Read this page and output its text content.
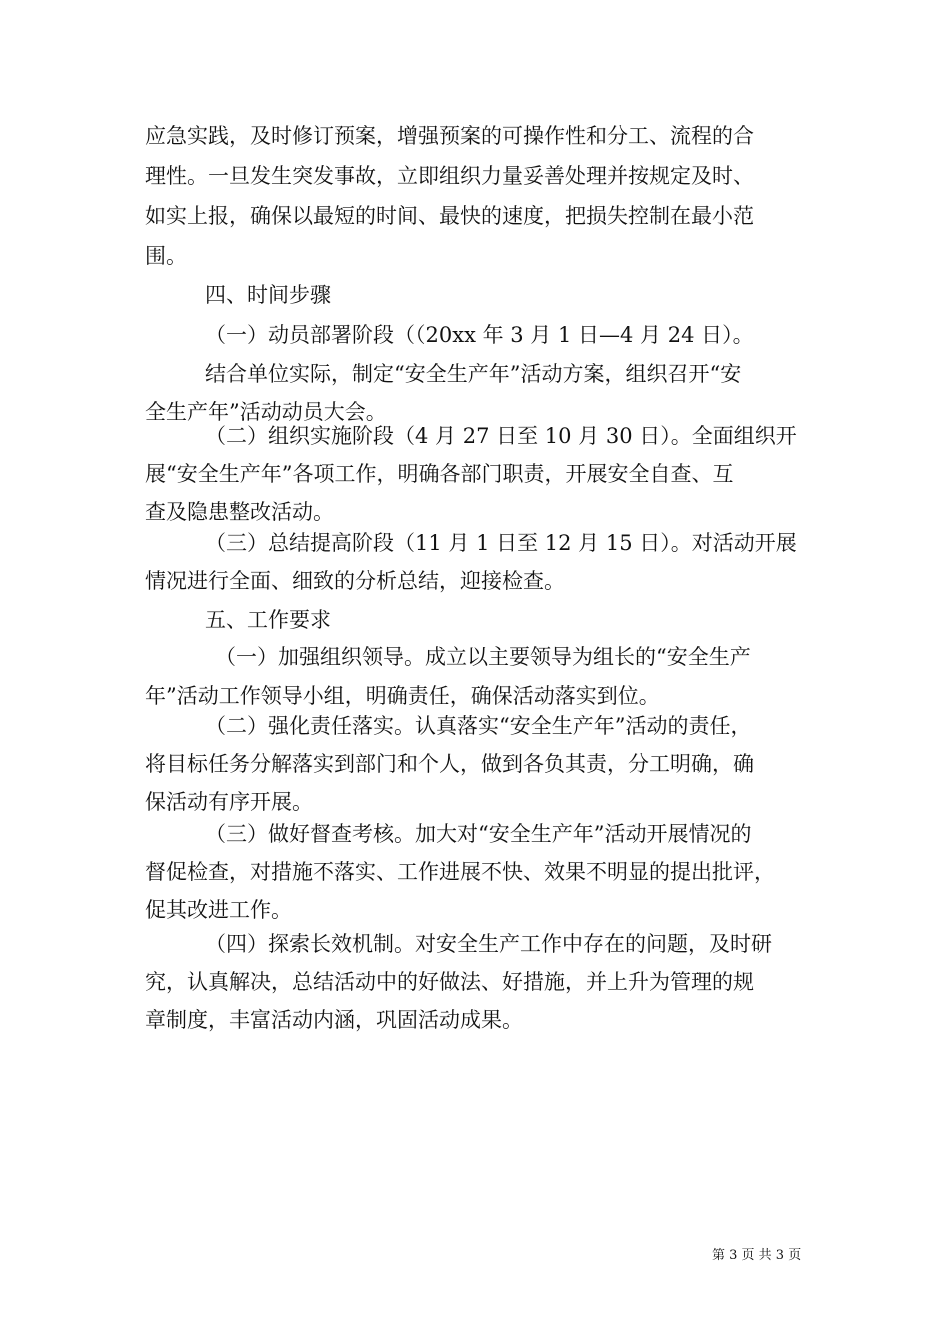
应急实践，及时修订预案，增强预案的可操作性和分工、流程的合
理性。一旦发生突发事故，立即组织力量妥善处理并按规定及时、
如实上报，确保以最短的时间、最快的速度，把损失控制在最小范
围。
四、时间步骤
（一）动员部署阶段（（20xx 年 3 月 1 日—4 月 24 日）。
结合单位实际，制定“安全生产年”活动方案，组织召开“安
全生产年”活动动员大会。
（二）组织实施阶段（4 月 27 日至 10 月 30 日）。全面组织开
展“安全生产年”各项工作，明确各部门职责，开展安全自查、互
查及隐患整改活动。
（三）总结提高阶段（11 月 1 日至 12 月 15 日）。对活动开展
情况进行全面、细致的分析总结，迎接检查。
五、工作要求
（一）加强组织领导。成立以主要领导为组长的“安全生产
年”活动工作领导小组，明确责任，确保活动落实到位。
（二）强化责任落实。认真落实“安全生产年”活动的责任，
将目标任务分解落实到部门和个人，做到各负其责，分工明确，确
保活动有序开展。
（三）做好督查考核。加大对“安全生产年”活动开展情况的
督促检查，对措施不落实、工作进展不快、效果不明显的提出批评，
促其改进工作。
（四）探索长效机制。对安全生产工作中存在的问题，及时研
究，认真解决，总结活动中的好做法、好措施，并上升为管理的规
章制度，丰富活动内涵，巩固活动成果。
第 3 页 共 3 页
